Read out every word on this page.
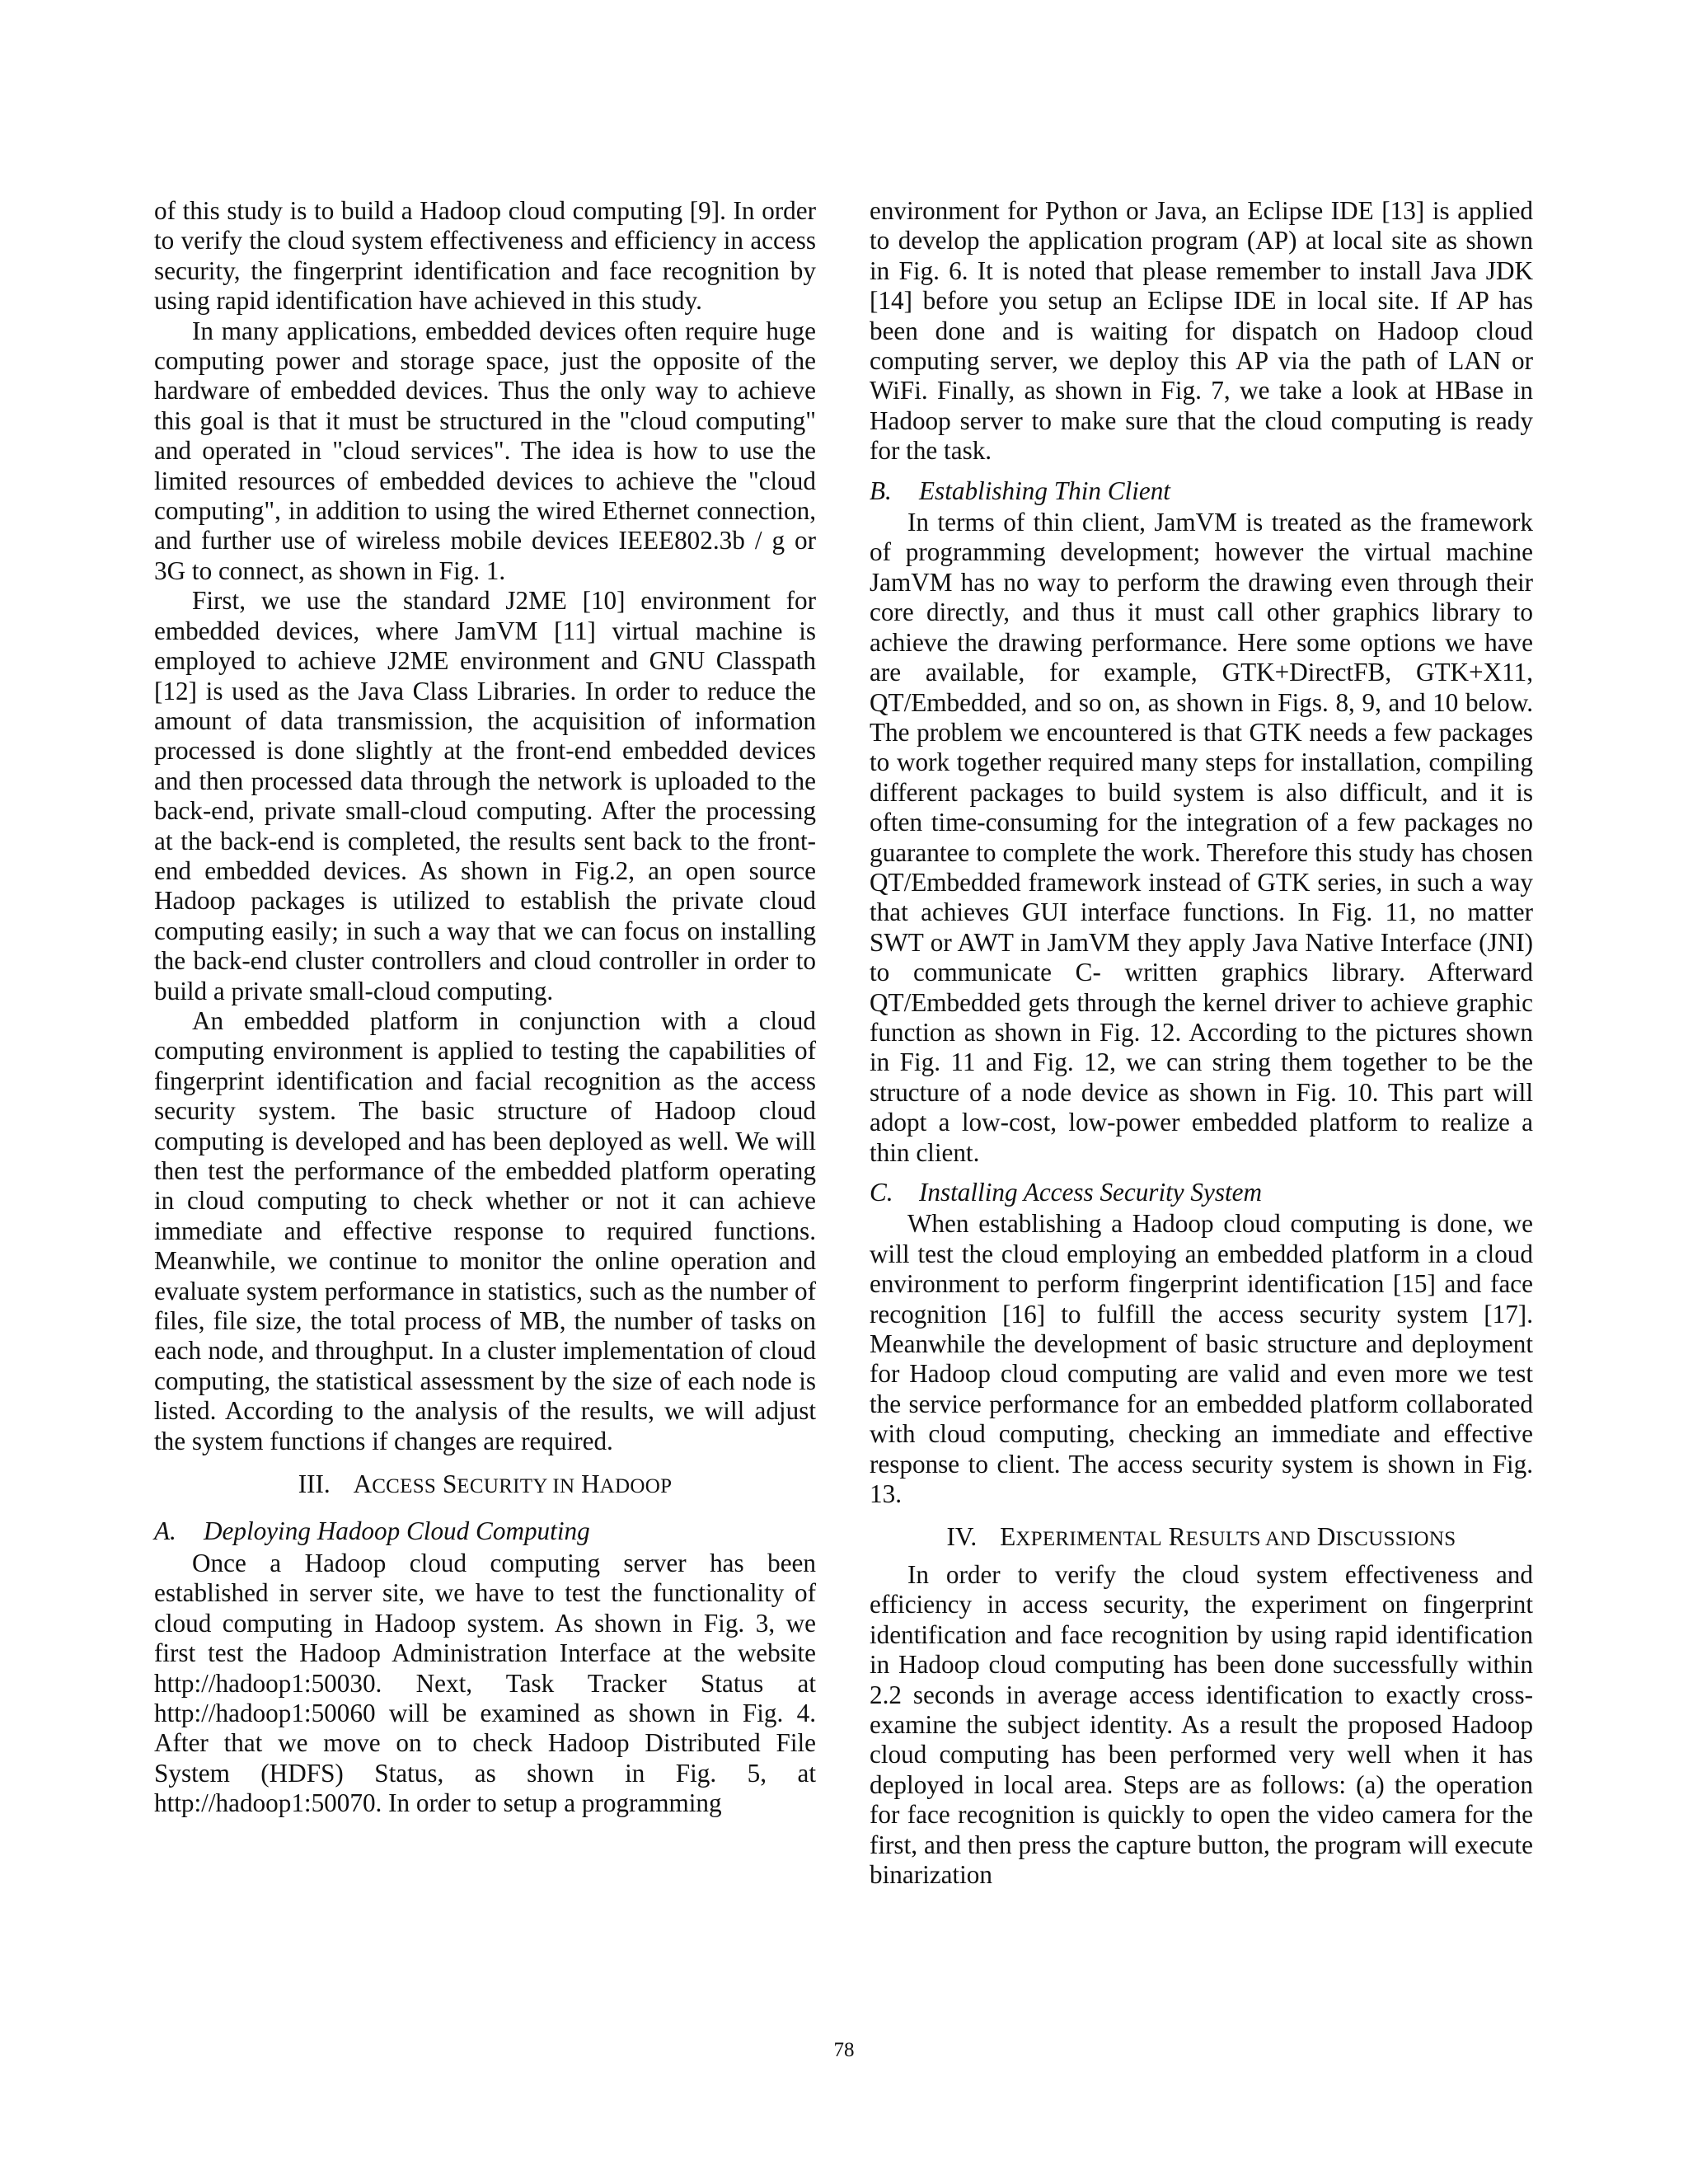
of this study is to build a Hadoop cloud computing [9]. In order to verify the cloud system effectiveness and efficiency in access security, the fingerprint identification and face recognition by using rapid identification have achieved in this study.

In many applications, embedded devices often require huge computing power and storage space, just the opposite of the hardware of embedded devices. Thus the only way to achieve this goal is that it must be structured in the "cloud computing" and operated in "cloud services". The idea is how to use the limited resources of embedded devices to achieve the "cloud computing", in addition to using the wired Ethernet connection, and further use of wireless mobile devices IEEE802.3b / g or 3G to connect, as shown in Fig. 1.

First, we use the standard J2ME [10] environment for embedded devices, where JamVM [11] virtual machine is employed to achieve J2ME environment and GNU Classpath [12] is used as the Java Class Libraries. In order to reduce the amount of data transmission, the acquisition of information processed is done slightly at the front-end embedded devices and then processed data through the network is uploaded to the back-end, private small-cloud computing. After the processing at the back-end is completed, the results sent back to the front-end embedded devices. As shown in Fig.2, an open source Hadoop packages is utilized to establish the private cloud computing easily; in such a way that we can focus on installing the back-end cluster controllers and cloud controller in order to build a private small-cloud computing.

An embedded platform in conjunction with a cloud computing environment is applied to testing the capabilities of fingerprint identification and facial recognition as the access security system. The basic structure of Hadoop cloud computing is developed and has been deployed as well. We will then test the performance of the embedded platform operating in cloud computing to check whether or not it can achieve immediate and effective response to required functions. Meanwhile, we continue to monitor the online operation and evaluate system performance in statistics, such as the number of files, file size, the total process of MB, the number of tasks on each node, and throughput. In a cluster implementation of cloud computing, the statistical assessment by the size of each node is listed. According to the analysis of the results, we will adjust the system functions if changes are required.

III. ACCESS SECURITY IN HADOOP

A. Deploying Hadoop Cloud Computing

Once a Hadoop cloud computing server has been established in server site, we have to test the functionality of cloud computing in Hadoop system. As shown in Fig. 3, we first test the Hadoop Administration Interface at the website http://hadoop1:50030. Next, Task Tracker Status at http://hadoop1:50060 will be examined as shown in Fig. 4. After that we move on to check Hadoop Distributed File System (HDFS) Status, as shown in Fig. 5, at http://hadoop1:50070. In order to setup a programming

environment for Python or Java, an Eclipse IDE [13] is applied to develop the application program (AP) at local site as shown in Fig. 6. It is noted that please remember to install Java JDK [14] before you setup an Eclipse IDE in local site. If AP has been done and is waiting for dispatch on Hadoop cloud computing server, we deploy this AP via the path of LAN or WiFi. Finally, as shown in Fig. 7, we take a look at HBase in Hadoop server to make sure that the cloud computing is ready for the task.

B. Establishing Thin Client

In terms of thin client, JamVM is treated as the framework of programming development; however the virtual machine JamVM has no way to perform the drawing even through their core directly, and thus it must call other graphics library to achieve the drawing performance. Here some options we have are available, for example, GTK+DirectFB, GTK+X11, QT/Embedded, and so on, as shown in Figs. 8, 9, and 10 below. The problem we encountered is that GTK needs a few packages to work together required many steps for installation, compiling different packages to build system is also difficult, and it is often time-consuming for the integration of a few packages no guarantee to complete the work. Therefore this study has chosen QT/Embedded framework instead of GTK series, in such a way that achieves GUI interface functions. In Fig. 11, no matter SWT or AWT in JamVM they apply Java Native Interface (JNI) to communicate C- written graphics library. Afterward QT/Embedded gets through the kernel driver to achieve graphic function as shown in Fig. 12. According to the pictures shown in Fig. 11 and Fig. 12, we can string them together to be the structure of a node device as shown in Fig. 10. This part will adopt a low-cost, low-power embedded platform to realize a thin client.

C. Installing Access Security System

When establishing a Hadoop cloud computing is done, we will test the cloud employing an embedded platform in a cloud environment to perform fingerprint identification [15] and face recognition [16] to fulfill the access security system [17]. Meanwhile the development of basic structure and deployment for Hadoop cloud computing are valid and even more we test the service performance for an embedded platform collaborated with cloud computing, checking an immediate and effective response to client. The access security system is shown in Fig. 13.

IV. EXPERIMENTAL RESULTS AND DISCUSSIONS

In order to verify the cloud system effectiveness and efficiency in access security, the experiment on fingerprint identification and face recognition by using rapid identification in Hadoop cloud computing has been done successfully within 2.2 seconds in average access identification to exactly cross-examine the subject identity. As a result the proposed Hadoop cloud computing has been performed very well when it has deployed in local area. Steps are as follows: (a) the operation for face recognition is quickly to open the video camera for the first, and then press the capture button, the program will execute binarization

78
